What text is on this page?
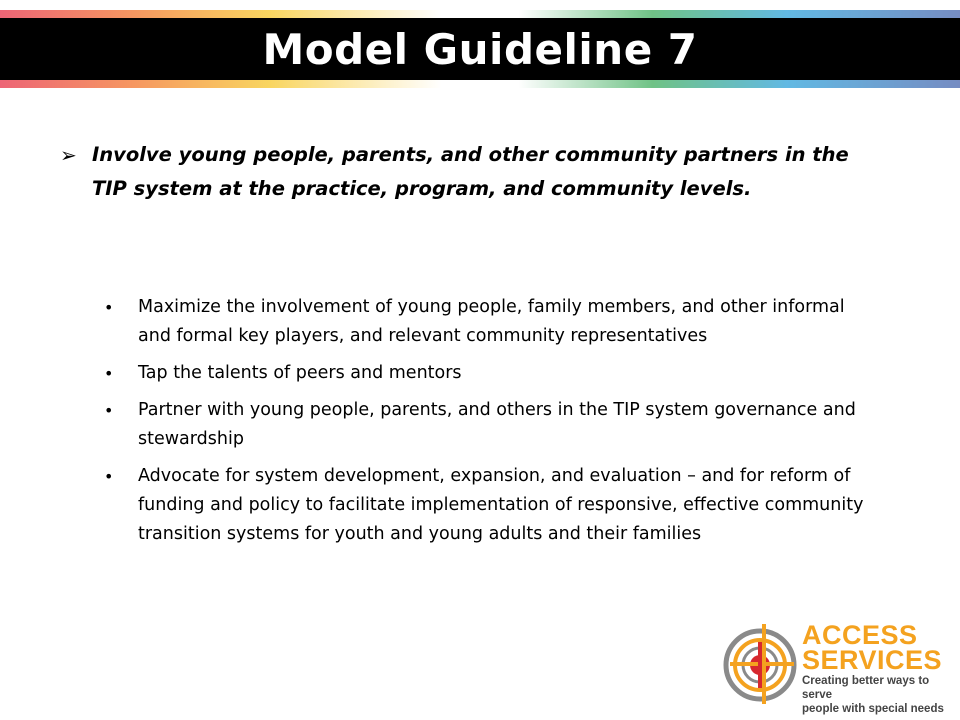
Model Guideline 7
➢ Involve young people, parents, and other community partners in the TIP system at the practice, program, and community levels.
•	Maximize the involvement of young people, family members, and other informal and formal key players, and relevant community representatives
•	Tap the talents of peers and mentors
•	Partner with young people, parents, and others in the TIP system governance and stewardship
•	Advocate for system development, expansion, and evaluation – and for reform of funding and policy to facilitate implementation of responsive, effective community transition systems for youth and young adults and their families
ACCESS
SERVICES
Creating better ways to serve
people with special needs
